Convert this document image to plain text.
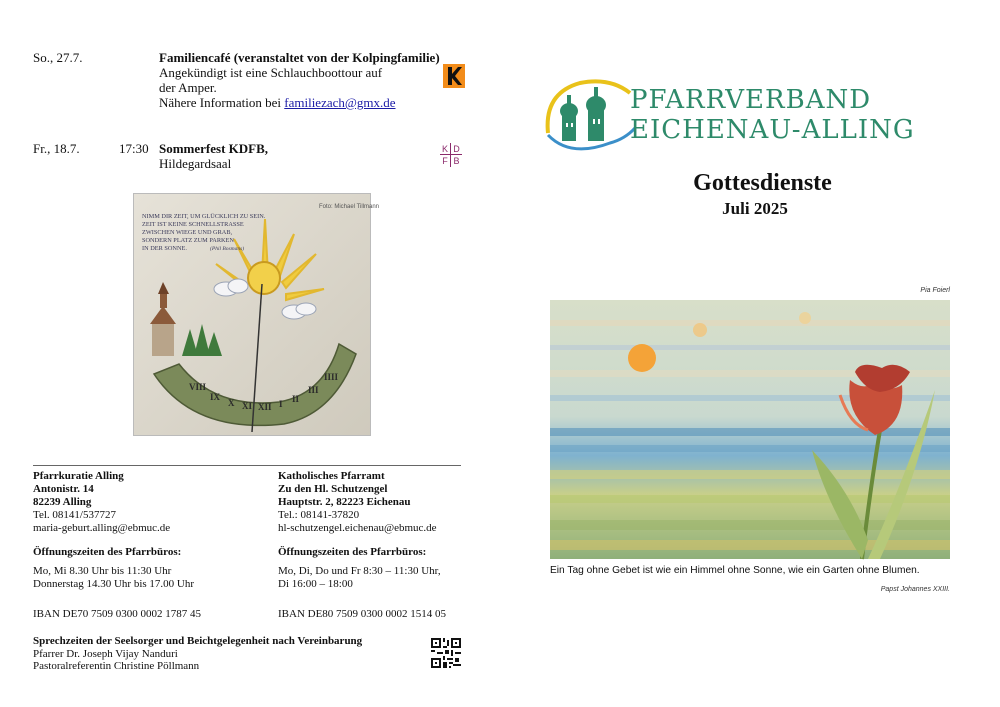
So., 27.7.	Familiencafé (veranstaltet von der Kolpingfamilie)
Angekündigt ist eine Schlauchboottour auf
der Amper.
Nähere Information bei familiezach@gmx.de
Fr., 18.7.	17:30 Sommerfest KDFB,
Hildegardsaal
K D
F B
Foto: Michael Tillmann
NIMM DIR ZEIT, UM GLÜCKLICH ZU SEIN.
ZEIT IST KEINE SCHNELLSTRASSE
ZWISCHEN WIEGE UND GRAB,
SONDERN PLATZ ZUM PARKEN
IN DER SONNE.	(Phil Bosmans)
VIII
IX
X XI XII I II
III
IIII
Pfarrkuratie Alling
Antonistr. 14
82239 Alling
Tel. 08141/537727
maria-geburt.alling@ebmuc.de
Öffnungszeiten des Pfarrbüros:
Mo, Mi 8.30 Uhr bis 11:30 Uhr
Donnerstag 14.30 Uhr bis 17.00 Uhr
IBAN DE70 7509 0300 0002 1787 45
Katholisches Pfarramt
Zu den Hl. Schutzengel
Hauptstr. 2, 82223 Eichenau
Tel.: 08141-37820
hl-schutzengel.eichenau@ebmuc.de
Öffnungszeiten des Pfarrbüros:
Mo, Di, Do und Fr 8:30 – 11:30 Uhr,
Di 16:00 – 18:00
IBAN DE80 7509 0300 0002 1514 05
Sprechzeiten der Seelsorger und Beichtgelegenheit nach Vereinbarung
Pfarrer Dr. Joseph Vijay Nanduri
Pastoralreferentin Christine Pöllmann
PFARRVERBAND
EICHENAU-ALLING
Gottesdienste
Juli 2025
Pia Foierl
Ein Tag ohne Gebet ist wie ein Himmel ohne Sonne, wie ein Garten ohne Blumen.
Papst Johannes XXIII.
